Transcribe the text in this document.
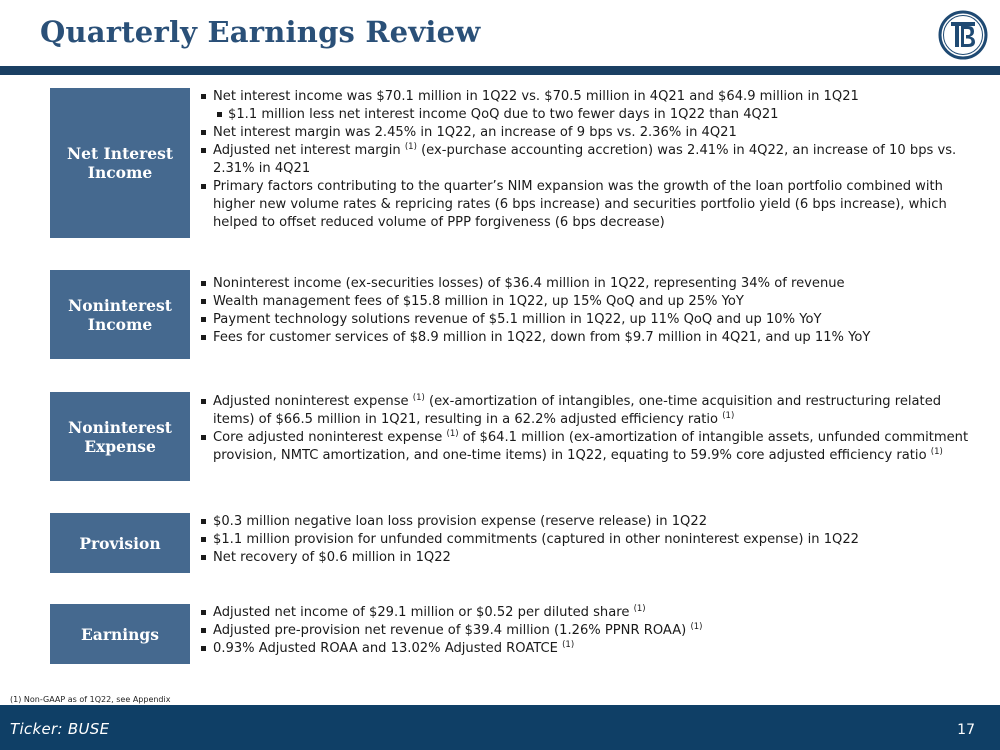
Quarterly Earnings Review
Net Interest
Income
Net interest income was $70.1 million in 1Q22 vs. $70.5 million in 4Q21 and $64.9 million in 1Q21
$1.1 million less net interest income QoQ due to two fewer days in 1Q22 than 4Q21
Net interest margin was 2.45% in 1Q22, an increase of 9 bps vs. 2.36% in 4Q21
Adjusted net interest margin $^{(1)}$ (ex-purchase accounting accretion) was 2.41% in 4Q22, an increase of 10 bps vs. 2.31% in 4Q21
Primary factors contributing to the quarter’s NIM expansion was the growth of the loan portfolio combined with higher new volume rates & repricing rates (6 bps increase) and securities portfolio yield (6 bps increase), which helped to offset reduced volume of PPP forgiveness (6 bps decrease)
Noninterest
Income
Noninterest income (ex-securities losses) of $36.4 million in 1Q22, representing 34% of revenue
Wealth management fees of $15.8 million in 1Q22, up 15% QoQ and up 25% YoY
Payment technology solutions revenue of $5.1 million in 1Q22, up 11% QoQ and up 10% YoY
Fees for customer services of $8.9 million in 1Q22, down from $9.7 million in 4Q21, and up 11% YoY
Noninterest
Expense
Adjusted noninterest expense $^{(1)}$ (ex-amortization of intangibles, one-time acquisition and restructuring related items) of $66.5 million in 1Q21, resulting in a 62.2% adjusted efficiency ratio $^{(1)}$
Core adjusted noninterest expense $^{(1)}$ of $64.1 million (ex-amortization of intangible assets, unfunded commitment provision, NMTC amortization, and one-time items) in 1Q22, equating to 59.9% core adjusted efficiency ratio $^{(1)}$
Provision
$0.3 million negative loan loss provision expense (reserve release) in 1Q22
$1.1 million provision for unfunded commitments (captured in other noninterest expense) in 1Q22
Net recovery of $0.6 million in 1Q22
Earnings
Adjusted net income of $29.1 million or $0.52 per diluted share $^{(1)}$
Adjusted pre-provision net revenue of $39.4 million (1.26% PPNR ROAA) $^{(1)}$
0.93% Adjusted ROAA and 13.02% Adjusted ROATCE $^{(1)}$
(1) Non-GAAP as of 1Q22, see Appendix
Ticker: BUSE	17
